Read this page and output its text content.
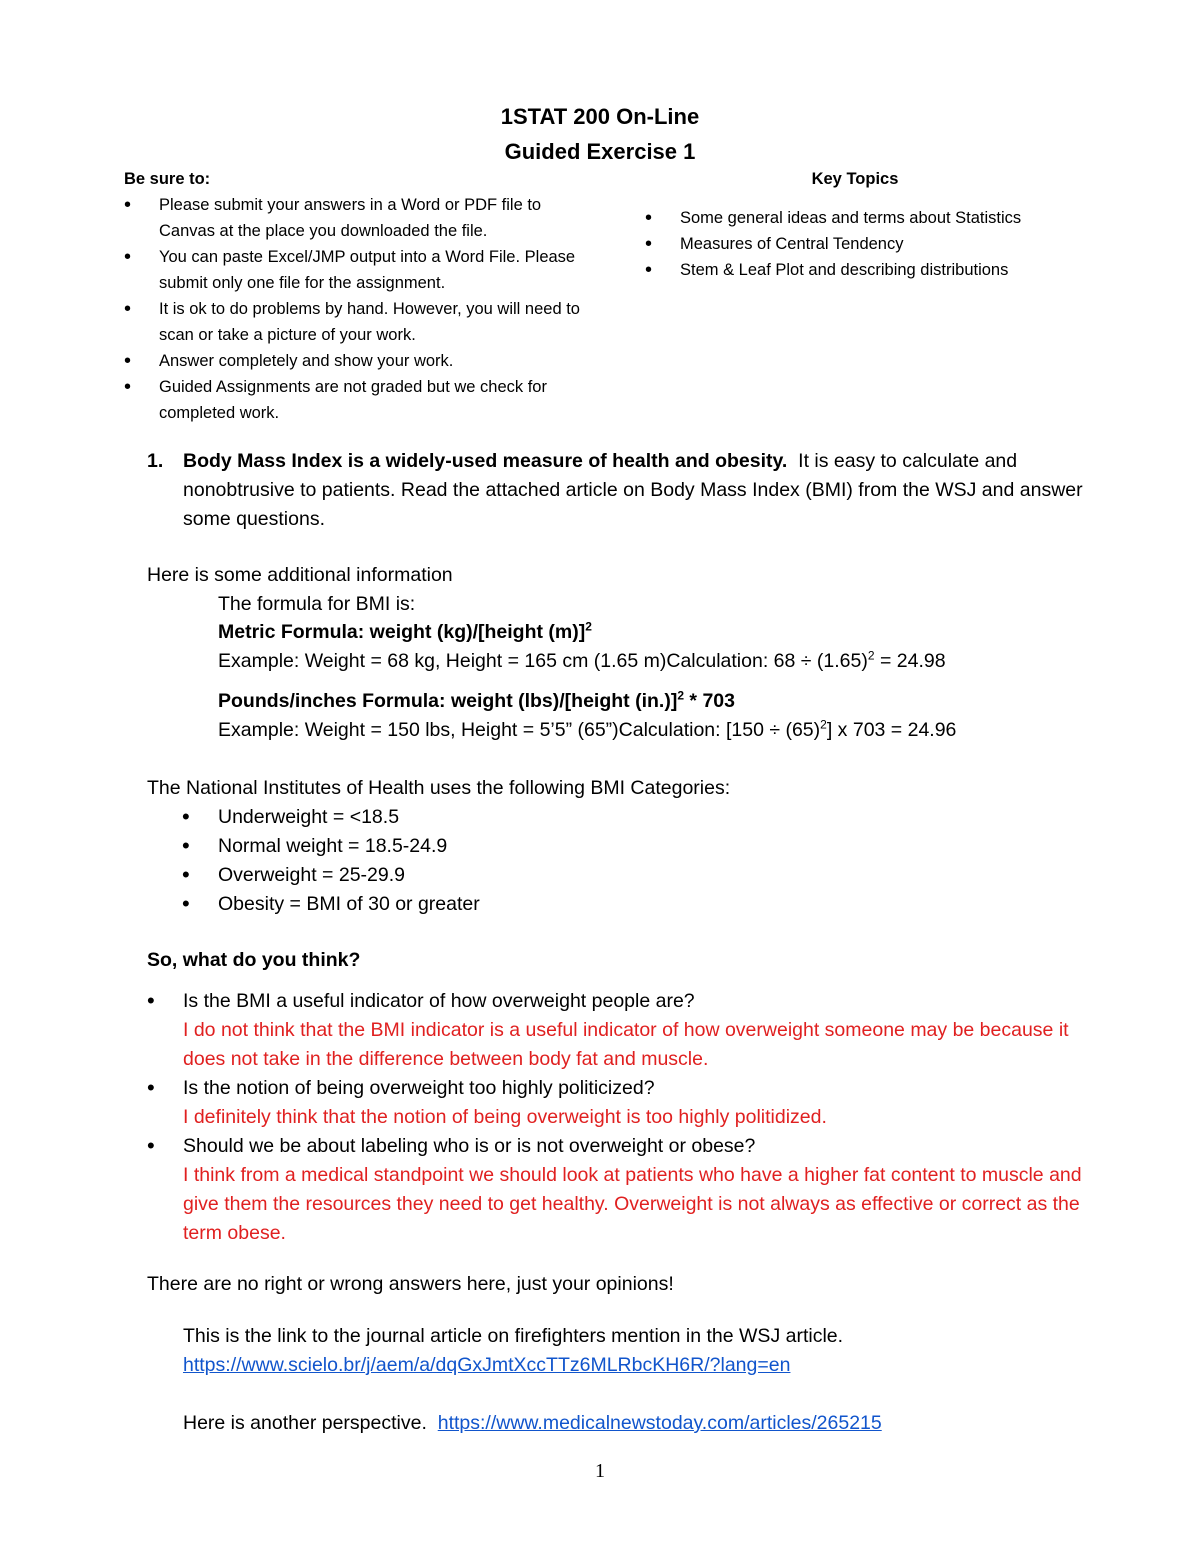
1STAT 200 On-Line
Guided Exercise 1
Be sure to:
• Please submit your answers in a Word or PDF file to Canvas at the place you downloaded the file.
• You can paste Excel/JMP output into a Word File. Please submit only one file for the assignment.
• It is ok to do problems by hand. However, you will need to scan or take a picture of your work.
• Answer completely and show your work.
• Guided Assignments are not graded but we check for completed work.
Key Topics
• Some general ideas and terms about Statistics
• Measures of Central Tendency
• Stem & Leaf Plot and describing distributions
1.	Body Mass Index is a widely-used measure of health and obesity. It is easy to calculate and nonobtrusive to patients. Read the attached article on Body Mass Index (BMI) from the WSJ and answer some questions.
Here is some additional information
The formula for BMI is:
Metric Formula: weight (kg)/[height (m)]$^2$
Example: Weight = 68 kg, Height = 165 cm (1.65 m)Calculation: $68 \div (1.65)^2 = 24.98$
Pounds/inches Formula: weight (lbs)/[height (in.)]$^2$ * 703
Example: Weight = 150 lbs, Height = 5’5” (65”)Calculation: $[150 \div (65)^2]$ x 703 = 24.96
The National Institutes of Health uses the following BMI Categories:
• Underweight = <18.5
• Normal weight = 18.5-24.9
• Overweight = 25-29.9
• Obesity = BMI of 30 or greater
So, what do you think?
• Is the BMI a useful indicator of how overweight people are?
I do not think that the BMI indicator is a useful indicator of how overweight someone may be because it does not take in the difference between body fat and muscle.
• Is the notion of being overweight too highly politicized?
I definitely think that the notion of being overweight is too highly politidized.
• Should we be about labeling who is or is not overweight or obese?
I think from a medical standpoint we should look at patients who have a higher fat content to muscle and give them the resources they need to get healthy. Overweight is not always as effective or correct as the term obese.
There are no right or wrong answers here, just your opinions!
This is the link to the journal article on firefighters mention in the WSJ article.
https://www.scielo.br/j/aem/a/dqGxJmtXccTTz6MLRbcKH6R/?lang=en
Here is another perspective.  https://www.medicalnewstoday.com/articles/265215
1
